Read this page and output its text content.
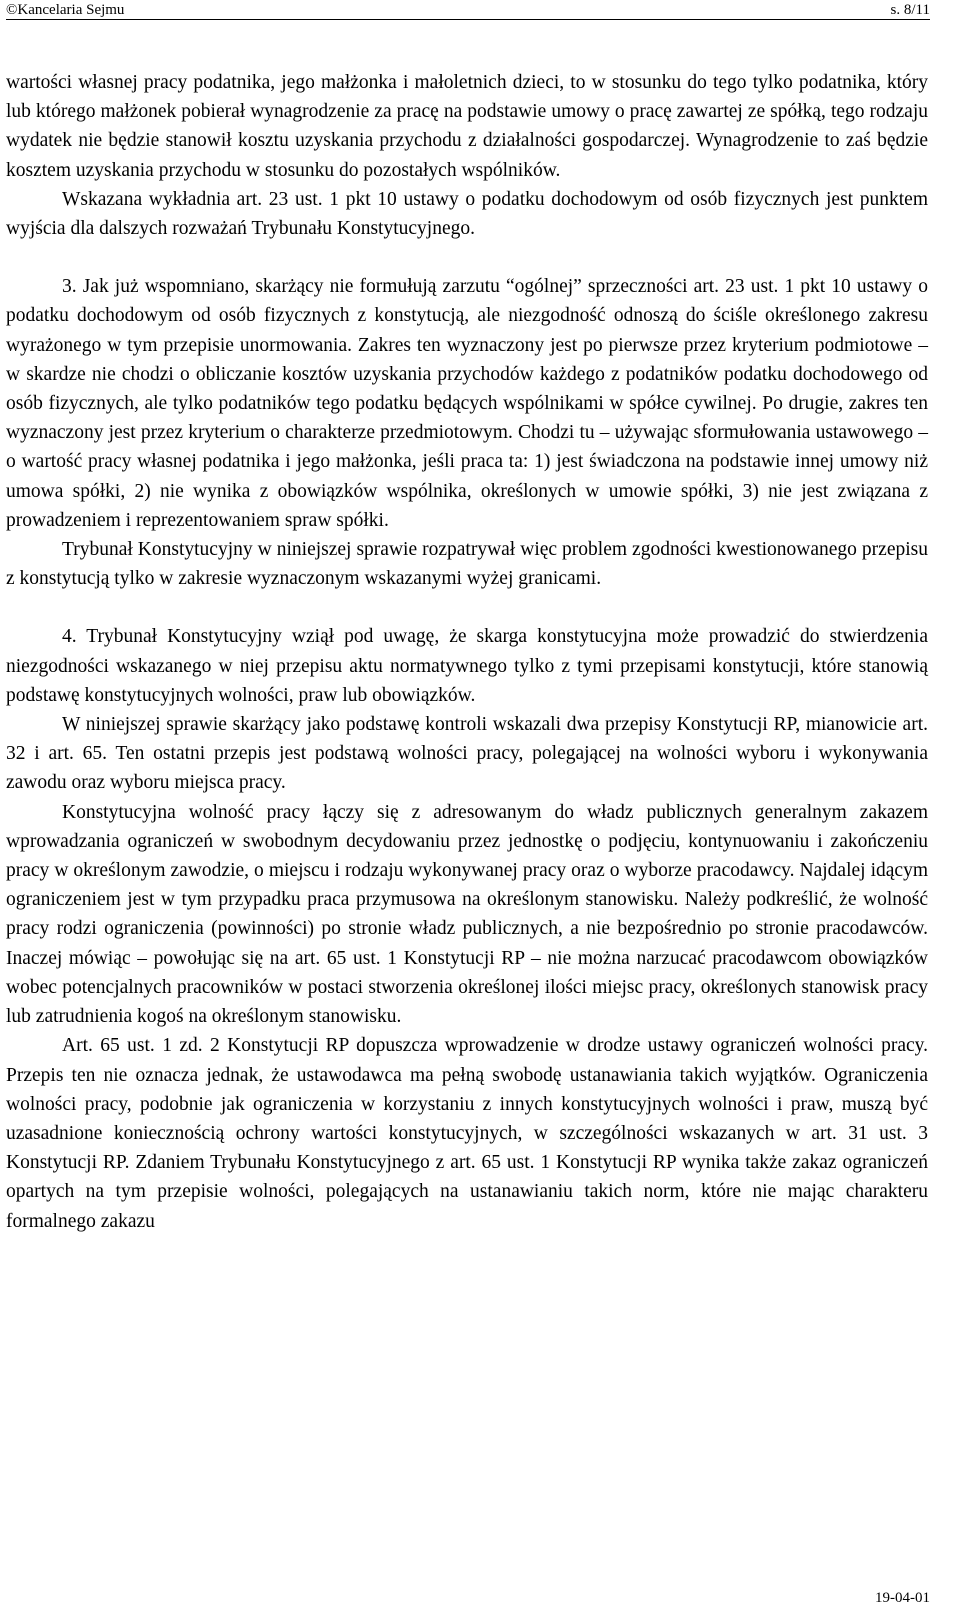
©Kancelaria Sejmu	s. 8/11

wartości własnej pracy podatnika, jego małżonka i małoletnich dzieci, to w stosunku do tego tylko podatnika, który lub którego małżonek pobierał wynagrodzenie za pracę na podstawie umowy o pracę zawartej ze spółką, tego rodzaju wydatek nie będzie stanowił kosztu uzyskania przychodu z działalności gospodarczej. Wynagrodzenie to zaś będzie kosztem uzyskania przychodu w stosunku do pozostałych wspólników.

Wskazana wykładnia art. 23 ust. 1 pkt 10 ustawy o podatku dochodowym od osób fizycznych jest punktem wyjścia dla dalszych rozważań Trybunału Konstytucyjnego.

3. Jak już wspomniano, skarżący nie formułują zarzutu “ogólnej” sprzeczności art. 23 ust. 1 pkt 10 ustawy o podatku dochodowym od osób fizycznych z konstytucją, ale niezgodność odnoszą do ściśle określonego zakresu wyrażonego w tym przepisie unormowania. Zakres ten wyznaczony jest po pierwsze przez kryterium podmiotowe – w skardze nie chodzi o obliczanie kosztów uzyskania przychodów każdego z podatników podatku dochodowego od osób fizycznych, ale tylko podatników tego podatku będących wspólnikami w spółce cywilnej. Po drugie, zakres ten wyznaczony jest przez kryterium o charakterze przedmiotowym. Chodzi tu – używając sformułowania ustawowego – o wartość pracy własnej podatnika i jego małżonka, jeśli praca ta: 1) jest świadczona na podstawie innej umowy niż umowa spółki, 2) nie wynika z obowiązków wspólnika, określonych w umowie spółki, 3) nie jest związana z prowadzeniem i reprezentowaniem spraw spółki.

Trybunał Konstytucyjny w niniejszej sprawie rozpatrywał więc problem zgodności kwestionowanego przepisu z konstytucją tylko w zakresie wyznaczonym wskazanymi wyżej granicami.

4. Trybunał Konstytucyjny wziął pod uwagę, że skarga konstytucyjna może prowadzić do stwierdzenia niezgodności wskazanego w niej przepisu aktu normatywnego tylko z tymi przepisami konstytucji, które stanowią podstawę konstytucyjnych wolności, praw lub obowiązków.

W niniejszej sprawie skarżący jako podstawę kontroli wskazali dwa przepisy Konstytucji RP, mianowicie art. 32 i art. 65. Ten ostatni przepis jest podstawą wolności pracy, polegającej na wolności wyboru i wykonywania zawodu oraz wyboru miejsca pracy.

Konstytucyjna wolność pracy łączy się z adresowanym do władz publicznych generalnym zakazem wprowadzania ograniczeń w swobodnym decydowaniu przez jednostkę o podjęciu, kontynuowaniu i zakończeniu pracy w określonym zawodzie, o miejscu i rodzaju wykonywanej pracy oraz o wyborze pracodawcy. Najdalej idącym ograniczeniem jest w tym przypadku praca przymusowa na określonym stanowisku. Należy podkreślić, że wolność pracy rodzi ograniczenia (powinności) po stronie władz publicznych, a nie bezpośrednio po stronie pracodawców. Inaczej mówiąc – powołując się na art. 65 ust. 1 Konstytucji RP – nie można narzucać pracodawcom obowiązków wobec potencjalnych pracowników w postaci stworzenia określonej ilości miejsc pracy, określonych stanowisk pracy lub zatrudnienia kogoś na określonym stanowisku.

Art. 65 ust. 1 zd. 2 Konstytucji RP dopuszcza wprowadzenie w drodze ustawy ograniczeń wolności pracy. Przepis ten nie oznacza jednak, że ustawodawca ma pełną swobodę ustanawiania takich wyjątków. Ograniczenia wolności pracy, podobnie jak ograniczenia w korzystaniu z innych konstytucyjnych wolności i praw, muszą być uzasadnione koniecznością ochrony wartości konstytucyjnych, w szczególności wskazanych w art. 31 ust. 3 Konstytucji RP. Zdaniem Trybunału Konstytucyjnego z art. 65 ust. 1 Konstytucji RP wynika także zakaz ograniczeń opartych na tym przepisie wolności, polegających na ustanawianiu takich norm, które nie mając charakteru formalnego zakazu

19-04-01
